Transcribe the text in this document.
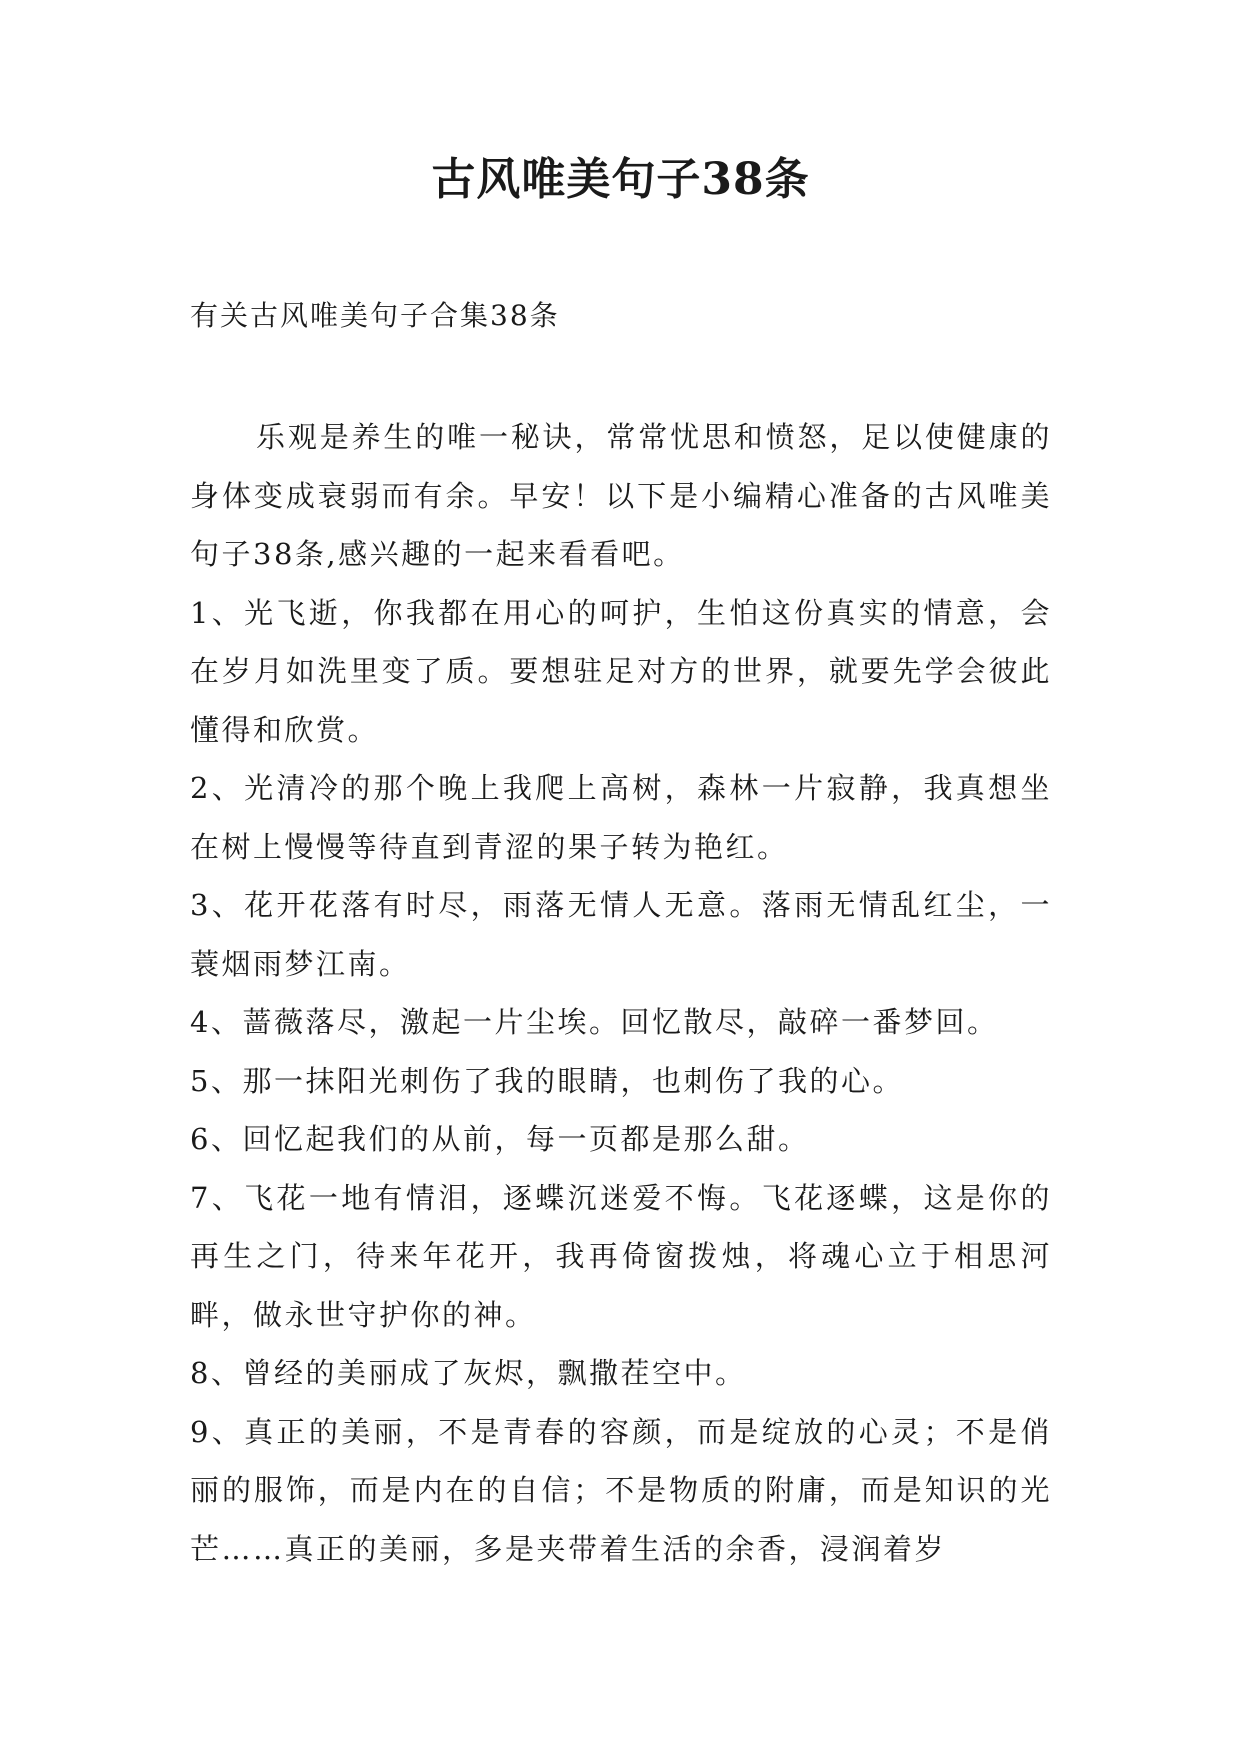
古风唯美句子38条
有关古风唯美句子合集38条

乐观是养生的唯一秘诀，常常忧思和愤怒，足以使健康的身体变成衰弱而有余。早安！以下是小编精心准备的古风唯美句子38条,感兴趣的一起来看看吧。

1、光飞逝，你我都在用心的呵护，生怕这份真实的情意，会在岁月如洗里变了质。要想驻足对方的世界，就要先学会彼此懂得和欣赏。

2、光清冷的那个晚上我爬上高树，森林一片寂静，我真想坐在树上慢慢等待直到青涩的果子转为艳红。

3、花开花落有时尽，雨落无情人无意。落雨无情乱红尘，一蓑烟雨梦江南。

4、蔷薇落尽，激起一片尘埃。回忆散尽，敲碎一番梦回。

5、那一抹阳光刺伤了我的眼睛，也刺伤了我的心。

6、回忆起我们的从前，每一页都是那么甜。

7、飞花一地有情泪，逐蝶沉迷爱不悔。飞花逐蝶，这是你的再生之门，待来年花开，我再倚窗拨烛，将魂心立于相思河畔，做永世守护你的神。

8、曾经的美丽成了灰烬，飘撒茬空中。

9、真正的美丽，不是青春的容颜，而是绽放的心灵；不是俏丽的服饰，而是内在的自信；不是物质的附庸，而是知识的光芒……真正的美丽，多是夹带着生活的余香，浸润着岁
